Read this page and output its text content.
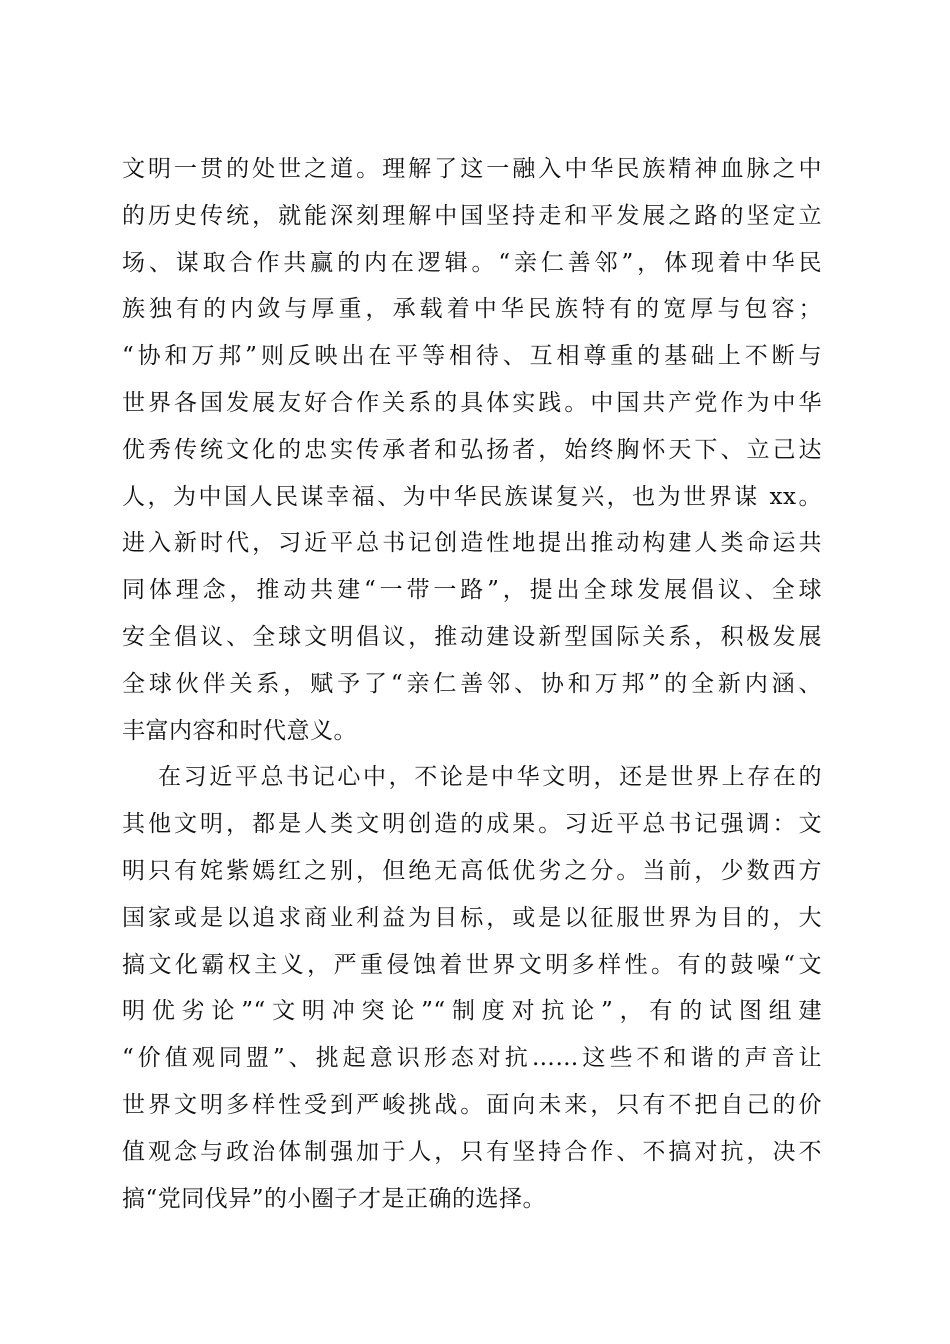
文明一贯的处世之道。理解了这一融入中华民族精神血脉之中
的历史传统，就能深刻理解中国坚持走和平发展之路的坚定立
场、谋取合作共赢的内在逻辑。“亲仁善邻”，体现着中华民
族独有的内敛与厚重，承载着中华民族特有的宽厚与包容；
“协和万邦”则反映出在平等相待、互相尊重的基础上不断与
世界各国发展友好合作关系的具体实践。中国共产党作为中华
优秀传统文化的忠实传承者和弘扬者，始终胸怀天下、立己达
人，为中国人民谋幸福、为中华民族谋复兴，也为世界谋 xx。
进入新时代，习近平总书记创造性地提出推动构建人类命运共
同体理念，推动共建“一带一路”，提出全球发展倡议、全球
安全倡议、全球文明倡议，推动建设新型国际关系，积极发展
全球伙伴关系，赋予了“亲仁善邻、协和万邦”的全新内涵、
丰富内容和时代意义。
在习近平总书记心中，不论是中华文明，还是世界上存在的
其他文明，都是人类文明创造的成果。习近平总书记强调：文
明只有姹紫嫣红之别，但绝无高低优劣之分。当前，少数西方
国家或是以追求商业利益为目标，或是以征服世界为目的，大
搞文化霸权主义，严重侵蚀着世界文明多样性。有的鼓噪“文
明优劣论”“文明冲突论”“制度对抗论”，有的试图组建
“价值观同盟”、挑起意识形态对抗……这些不和谐的声音让
世界文明多样性受到严峻挑战。面向未来，只有不把自己的价
值观念与政治体制强加于人，只有坚持合作、不搞对抗，决不
搞“党同伐异”的小圈子才是正确的选择。
